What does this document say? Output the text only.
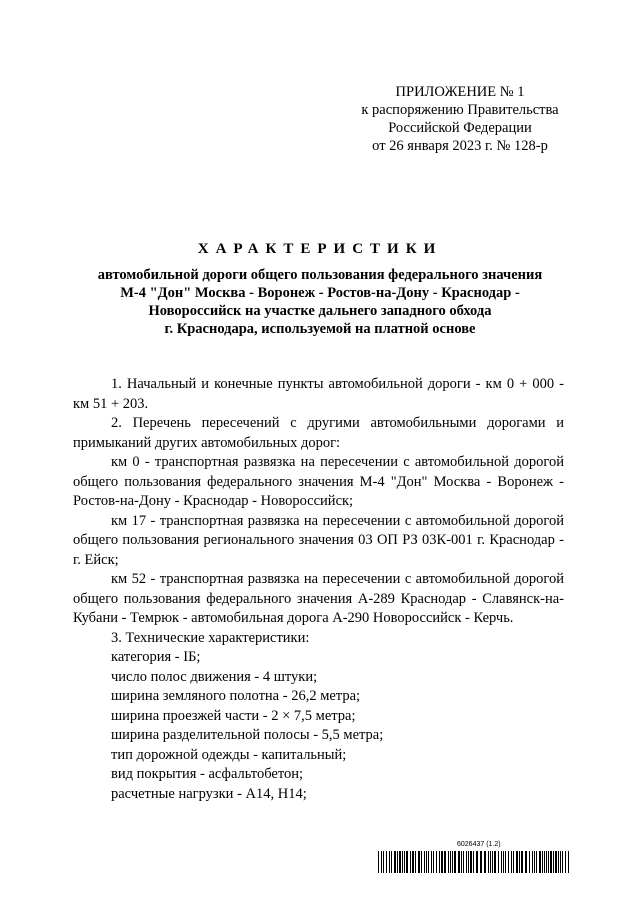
ПРИЛОЖЕНИЕ № 1
к распоряжению Правительства
Российской Федерации
от 26 января 2023 г. № 128-р
ХАРАКТЕРИСТИКИ
автомобильной дороги общего пользования федерального значения
М-4 "Дон" Москва - Воронеж - Ростов-на-Дону - Краснодар -
Новороссийск на участке дальнего западного обхода
г. Краснодара, используемой на платной основе

1. Начальный и конечные пункты автомобильной дороги - км 0 + 000 - км 51 + 203.

2. Перечень пересечений с другими автомобильными дорогами и примыканий других автомобильных дорог:

км 0 - транспортная развязка на пересечении с автомобильной дорогой общего пользования федерального значения М-4 "Дон" Москва - Воронеж - Ростов-на-Дону - Краснодар - Новороссийск;

км 17 - транспортная развязка на пересечении с автомобильной дорогой общего пользования регионального значения 03 ОП РЗ 03К-001 г. Краснодар - г. Ейск;

км 52 - транспортная развязка на пересечении с автомобильной дорогой общего пользования федерального значения А-289 Краснодар - Славянск-на-Кубани - Темрюк - автомобильная дорога А-290 Новороссийск - Керчь.

3. Технические характеристики:

категория - IБ;

число полос движения - 4 штуки;

ширина земляного полотна - 26,2 метра;

ширина проезжей части - 2 × 7,5 метра;

ширина разделительной полосы - 5,5 метра;

тип дорожной одежды - капитальный;

вид покрытия - асфальтобетон;

расчетные нагрузки - А14, Н14;

6026437 (1.2)
